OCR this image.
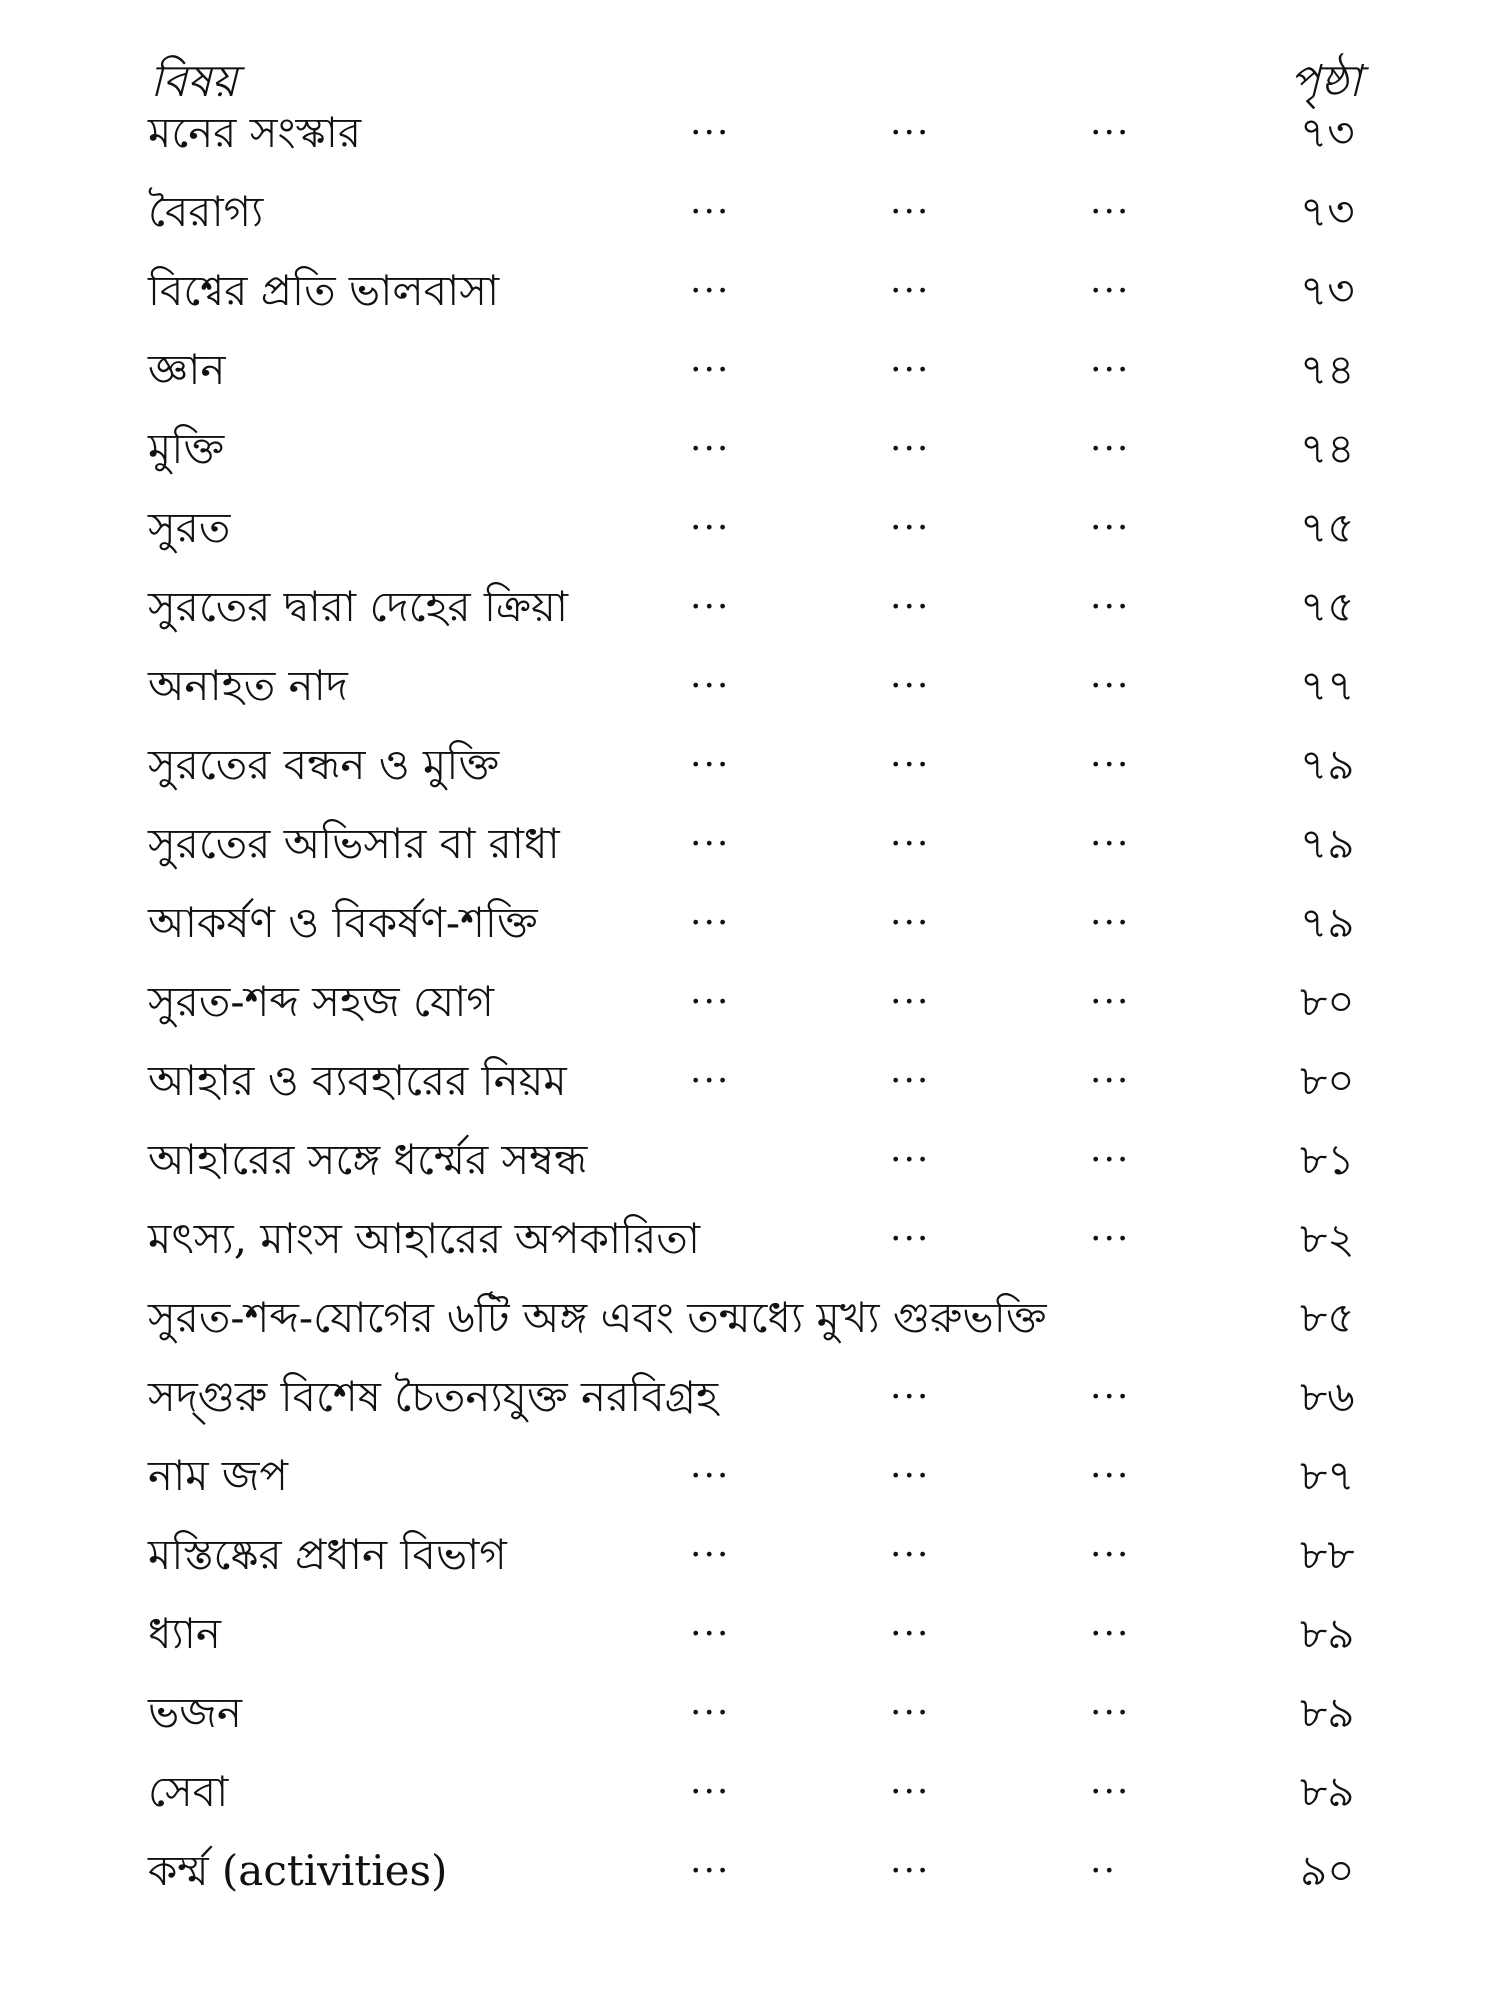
বিষয়	পৃষ্ঠা
মনের সংস্কার	...	...	...	৭৩
বৈরাগ্য	...	...	...	৭৩
বিশ্বের প্রতি ভালবাসা	...	...	...	৭৩
জ্ঞান	...	...	...	৭৪
মুক্তি	...	...	...	৭৪
সুরত	...	...	...	৭৫
সুরতের দ্বারা দেহের ক্রিয়া	...	...	...	৭৫
অনাহত নাদ	...	...	...	৭৭
সুরতের বন্ধন ও মুক্তি	...	...	...	৭৯
সুরতের অভিসার বা রাধা	...	...	...	৭৯
আকর্ষণ ও বিকর্ষণ-শক্তি	...	...	...	৭৯
সুরত-শব্দ সহজ যোগ	...	...	...	৮০
আহার ও ব্যবহারের নিয়ম	...	...	...	৮০
আহারের সঙ্গে ধর্ম্মের সম্বন্ধ	...	...	৮১
মৎস্য, মাংস আহারের অপকারিতা	...	...	৮২
সুরত-শব্দ-যোগের ৬টি অঙ্গ এবং তন্মধ্যে মুখ্য গুরুভক্তি	৮৫
সদ্গুরু বিশেষ চৈতন্যযুক্ত নরবিগ্রহ	...	...	৮৬
নাম জপ	...	...	...	৮৭
মস্তিষ্কের প্রধান বিভাগ	...	...	...	৮৮
ধ্যান	...	...	...	৮৯
ভজন	...	...	...	৮৯
সেবা	...	...	...	৮৯
কর্ম্ম (activities)	...	...	..	৯০
